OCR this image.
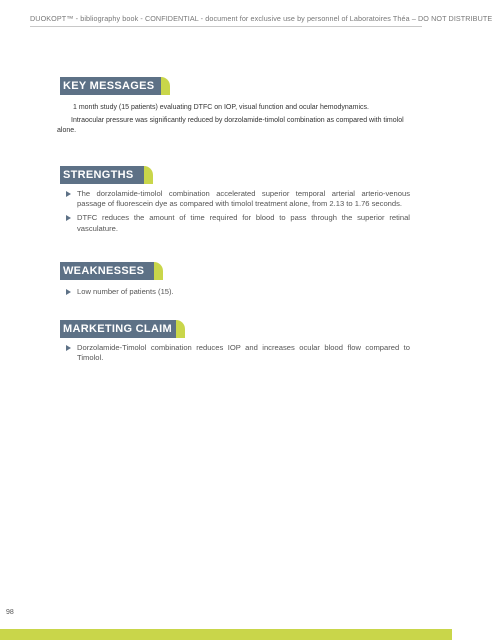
DUOKOPT™ - bibliography book - CONFIDENTIAL - document for exclusive use by personnel of Laboratoires Théa – DO NOT DISTRIBUTE
KEY MESSAGES
1 month study (15 patients) evaluating DTFC on IOP, visual function and ocular hemodynamics.
Intraocular pressure was significantly reduced by dorzolamide-timolol combination as compared with timolol alone.
STRENGTHS
The dorzolamide-timolol combination accelerated superior temporal arterial arterio-venous passage of fluorescein dye as compared with timolol treatment alone, from 2.13 to 1.76 seconds.
DTFC reduces the amount of time required for blood to pass through the superior retinal vasculature.
WEAKNESSES
Low number of patients (15).
MARKETING CLAIM
Dorzolamide-Timolol combination reduces IOP and increases ocular blood flow compared to Timolol.
98
